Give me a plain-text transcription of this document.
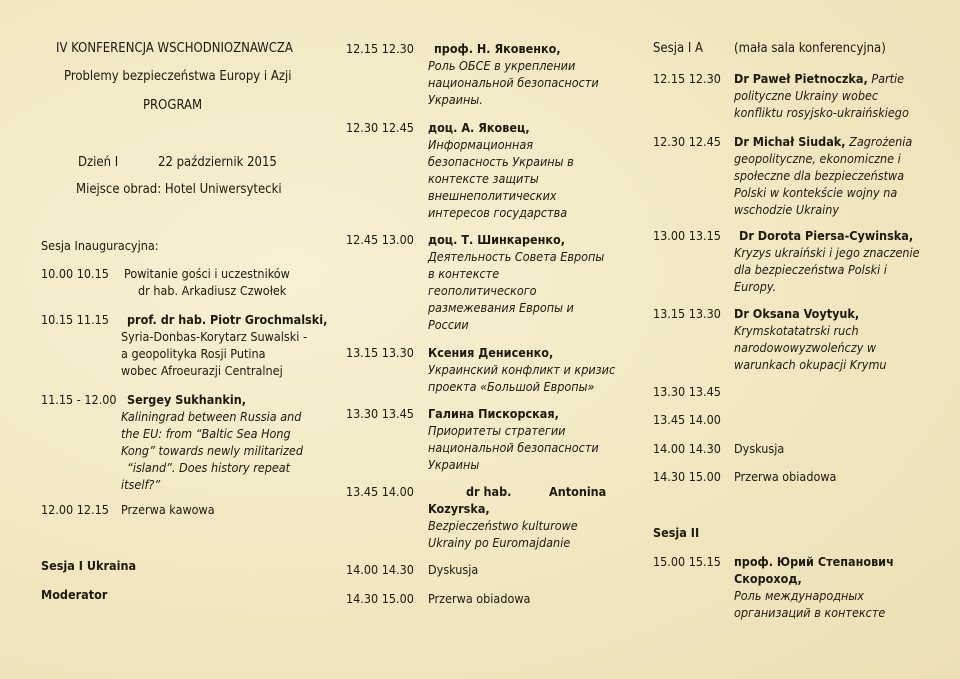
IV KONFERENCJA WSCHODNIOZNAWCZA
Problemy bezpieczeństwa Europy i Azji
PROGRAM
Dzień I	22 październik 2015
Miejsce obrad: Hotel Uniwersytecki
Sesja Inauguracyjna:
10.00 10.15 Powitanie gości i uczestników
dr hab. Arkadiusz Czwołek
10.15 11.15 prof. dr hab. Piotr Grochmalski,
Syria-Donbas-Korytarz Suwalski -
a geopolityka Rosji Putina
wobec Afroeurazji Centralnej
11.15 - 12.00 Sergey Sukhankin,
Kaliningrad between Russia and
the EU: from “Baltic Sea Hong
Kong” towards newly militarized
“island”. Does history repeat
itself?”
12.00 12.15 Przerwa kawowa
Sesja I Ukraina
Moderator
12.15 12.30	проф. Н. Яковенко,
Роль ОБСЕ в укреплении
национальной безопасности
Украины.
12.30 12.45 доц. А. Яковец,
Информационная
безопасность Украины в
контексте защиты
внешнеполитических
интересов государства
12.45 13.00 доц. Т. Шинкаренко,
Деятельность Совета Европы
в контексте
геополитического
размежевания Европы и
России
13.15 13.30 Ксения Денисенко,
Украинский конфликт и кризис
проекта «Большой Европы»
13.30 13.45 Галина Пискорская,
Приоритеты стратегии
национальной безопасности
Украины
13.45 14.00	dr hab.	Antonina
Kozyrska,
Bezpieczeństwo kulturowe
Ukrainy po Euromajdanie
14.00 14.30 Dyskusja
14.30 15.00 Przerwa obiadowa
Sesja I A (mała sala konferencyjna)
12.15 12.30 Dr Paweł Pietnoczka, Partie
polityczne Ukrainy wobec
konfliktu rosyjsko-ukraińskiego
12.30 12.45 Dr Michał Siudak, Zagrożenia
geopolityczne, ekonomiczne i
społeczne dla bezpieczeństwa
Polski w kontekście wojny na
wschodzie Ukrainy
13.00 13.15	Dr Dorota Piersa-Cywinska,
Kryzys ukraiński i jego znaczenie
dla bezpieczeństwa Polski i
Europy.
13.15 13.30 Dr Oksana Voytyuk,
Krymskotatatrski ruch
narodowowyzwoleńczy w
warunkach okupacji Krymu
13.30 13.45
13.45 14.00
14.00 14.30 Dyskusja
14.30 15.00 Przerwa obiadowa
Sesja II
15.00 15.15 проф. Юрий Степанович
Скороход,
Роль международных
организаций в контексте
